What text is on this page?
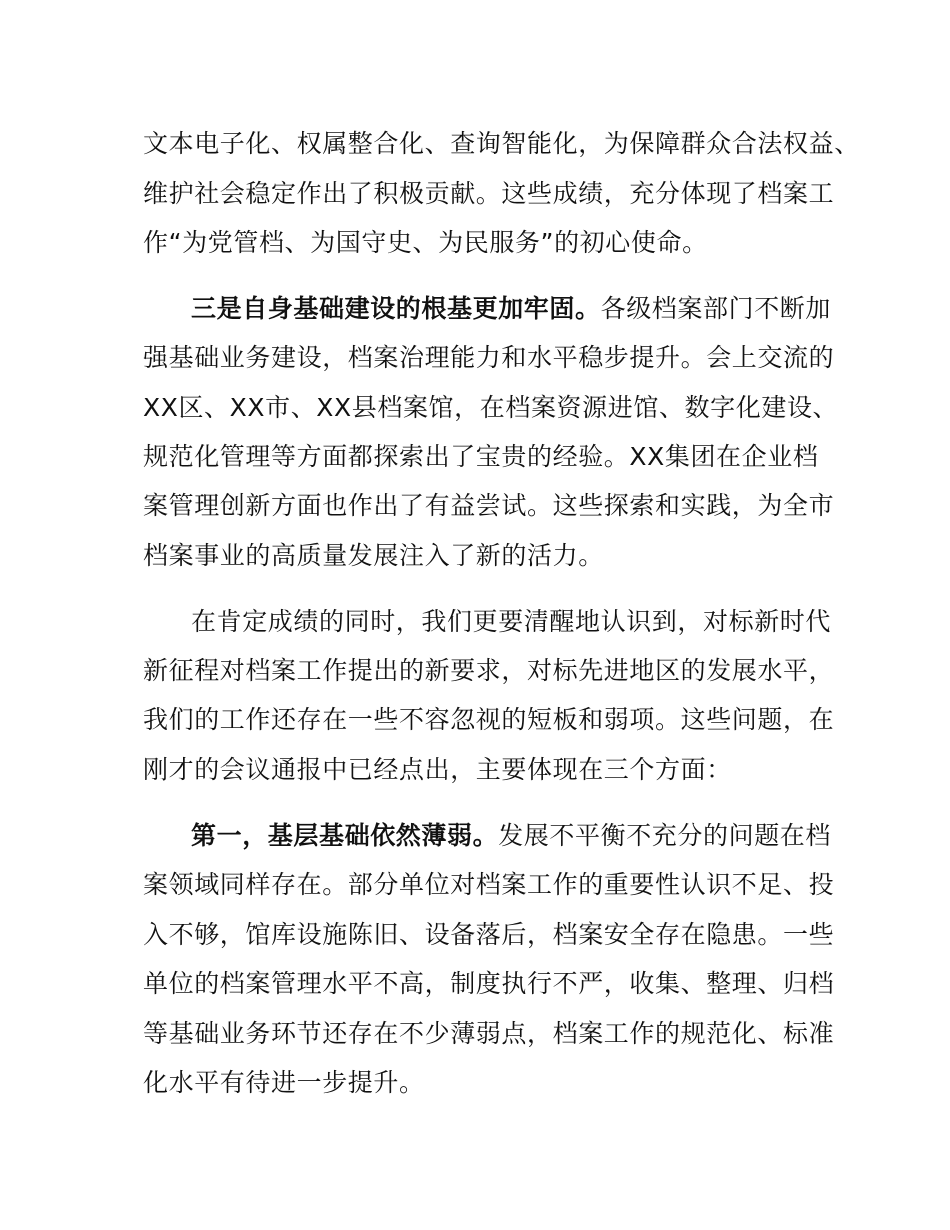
文本电子化、权属整合化、查询智能化，为保障群众合法权益、

维护社会稳定作出了积极贡献。这些成绩，充分体现了档案工

作“为党管档、为国守史、为民服务”的初心使命。

三是自身基础建设的根基更加牢固。各级档案部门不断加

强基础业务建设，档案治理能力和水平稳步提升。会上交流的

XX区、XX市、XX县档案馆，在档案资源进馆、数字化建设、

规范化管理等方面都探索出了宝贵的经验。XX集团在企业档

案管理创新方面也作出了有益尝试。这些探索和实践，为全市

档案事业的高质量发展注入了新的活力。

在肯定成绩的同时，我们更要清醒地认识到，对标新时代

新征程对档案工作提出的新要求，对标先进地区的发展水平，

我们的工作还存在一些不容忽视的短板和弱项。这些问题，在

刚才的会议通报中已经点出，主要体现在三个方面：

第一，基层基础依然薄弱。发展不平衡不充分的问题在档

案领域同样存在。部分单位对档案工作的重要性认识不足、投

入不够，馆库设施陈旧、设备落后，档案安全存在隐患。一些

单位的档案管理水平不高，制度执行不严，收集、整理、归档

等基础业务环节还存在不少薄弱点，档案工作的规范化、标准

化水平有待进一步提升。
